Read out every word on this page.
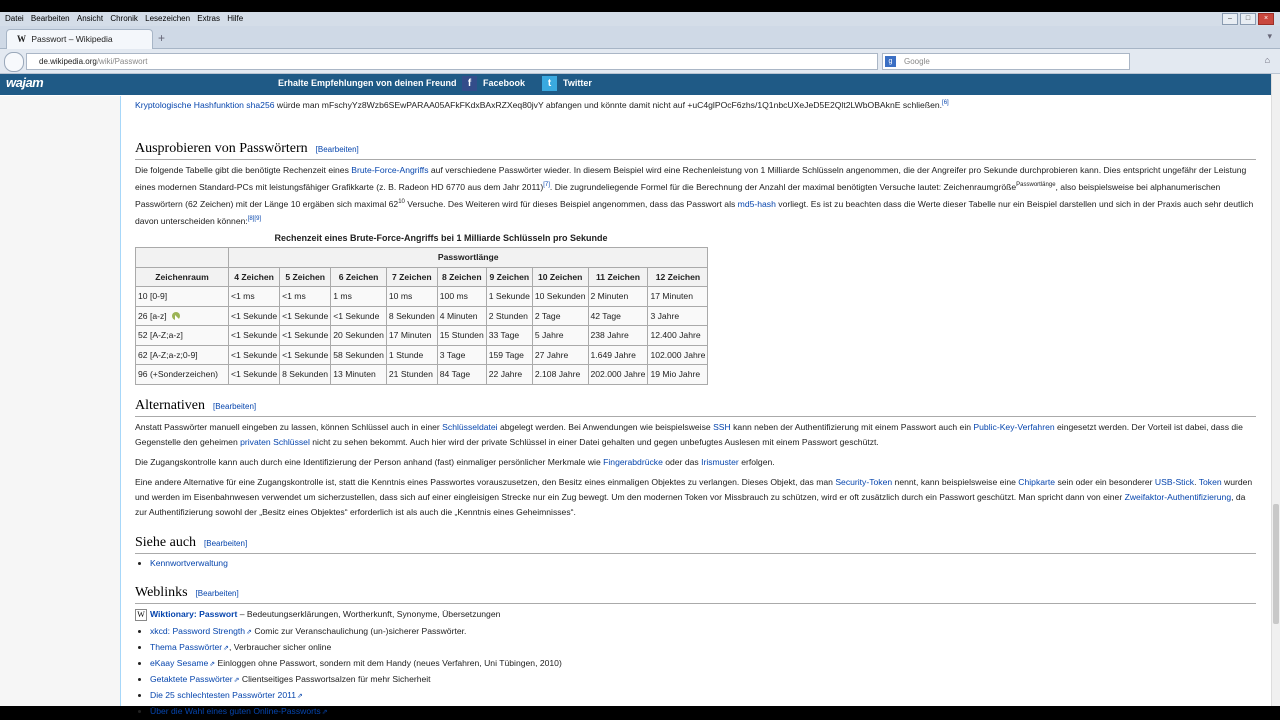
Datei Bearbeiten Ansicht Chronik Lesezeichen Extras Hilfe	–	□	×
W Passwort – Wikipedia	+	▾
de.wikipedia.org/wiki/Passwort	g Google	⌂
wajam	Erhalte Empfehlungen von deinen Freund	f Facebook	t Twitter

Kryptologische Hashfunktion sha256 würde man mFschyYz8Wzb6SEwPARAA05AFkFKdxBAxRZXeq80jvY abfangen und könnte damit nicht auf +uC4glPOcF6zhs/1Q1nbcUXeJeD5E2Qlt2LWbOBAknE schließen.[6]

Ausprobieren von Passwörtern [Bearbeiten]

Die folgende Tabelle gibt die benötigte Rechenzeit eines Brute-Force-Angriffs auf verschiedene Passwörter wieder. In diesem Beispiel wird eine Rechenleistung von 1 Milliarde Schlüsseln angenommen, die der Angreifer pro Sekunde durchprobieren kann. Dies entspricht ungefähr der Leistung eines modernen Standard-PCs mit leistungsfähiger Grafikkarte (z. B. Radeon HD 6770 aus dem Jahr 2011)[7]. Die zugrundeliegende Formel für die Berechnung der Anzahl der maximal benötigten Versuche lautet: Zeichenraumgröße$^{Passwortlänge}$, also beispielsweise bei alphanumerischen Passwörtern (62 Zeichen) mit der Länge 10 ergäben sich maximal $62^{10}$ Versuche. Des Weiteren wird für dieses Beispiel angenommen, dass das Passwort als md5-hash vorliegt. Es ist zu beachten dass die Werte dieser Tabelle nur ein Beispiel darstellen und sich in der Praxis auch sehr deutlich davon unterscheiden können:[8][9]

Rechenzeit eines Brute-Force-Angriffs bei 1 Milliarde Schlüsseln pro Sekunde

	Passwortlänge								
Zeichenraum	4 Zeichen	5 Zeichen	6 Zeichen	7 Zeichen	8 Zeichen	9 Zeichen	10 Zeichen	11 Zeichen	12 Zeichen
10 [0-9]	<1 ms	<1 ms	1 ms	10 ms	100 ms	1 Sekunde	10 Sekunden	2 Minuten	17 Minuten
26 [a-z]	<1 Sekunde	<1 Sekunde	<1 Sekunde	8 Sekunden	4 Minuten	2 Stunden	2 Tage	42 Tage	3 Jahre
52 [A-Z;a-z]	<1 Sekunde	<1 Sekunde	20 Sekunden	17 Minuten	15 Stunden	33 Tage	5 Jahre	238 Jahre	12.400 Jahre
62 [A-Z;a-z;0-9]	<1 Sekunde	<1 Sekunde	58 Sekunden	1 Stunde	3 Tage	159 Tage	27 Jahre	1.649 Jahre	102.000 Jahre
96 (+Sonderzeichen)	<1 Sekunde	8 Sekunden	13 Minuten	21 Stunden	84 Tage	22 Jahre	2.108 Jahre	202.000 Jahre	19 Mio Jahre
Alternativen [Bearbeiten]

Anstatt Passwörter manuell eingeben zu lassen, können Schlüssel auch in einer Schlüsseldatei abgelegt werden. Bei Anwendungen wie beispielsweise SSH kann neben der Authentifizierung mit einem Passwort auch ein Public-Key-Verfahren eingesetzt werden. Der Vorteil ist dabei, dass die Gegenstelle den geheimen privaten Schlüssel nicht zu sehen bekommt. Auch hier wird der private Schlüssel in einer Datei gehalten und gegen unbefugtes Auslesen mit einem Passwort geschützt.

Die Zugangskontrolle kann auch durch eine Identifizierung der Person anhand (fast) einmaliger persönlicher Merkmale wie Fingerabdrücke oder das Irismuster erfolgen.

Eine andere Alternative für eine Zugangskontrolle ist, statt die Kenntnis eines Passwortes vorauszusetzen, den Besitz eines einmaligen Objektes zu verlangen. Dieses Objekt, das man Security-Token nennt, kann beispielsweise eine Chipkarte sein oder ein besonderer USB-Stick. Token wurden und werden im Eisenbahnwesen verwendet um sicherzustellen, dass sich auf einer eingleisigen Strecke nur ein Zug bewegt. Um den modernen Token vor Missbrauch zu schützen, wird er oft zusätzlich durch ein Passwort geschützt. Man spricht dann von einer Zweifaktor-Authentifizierung, da zur Authentifizierung sowohl der „Besitz eines Objektes“ erforderlich ist als auch die „Kenntnis eines Geheimnisses“.

Siehe auch [Bearbeiten]
• Kennwortverwaltung
Weblinks [Bearbeiten]

W Wiktionary: Passwort – Bedeutungserklärungen, Wortherkunft, Synonyme, Übersetzungen

• xkcd: Password Strength ⇗ Comic zur Veranschaulichung (un-)sicherer Passwörter.
• Thema Passwörter ⇗ , Verbraucher sicher online
• eKaay Sesame ⇗ Einloggen ohne Passwort, sondern mit dem Handy (neues Verfahren, Uni Tübingen, 2010)
• Getaktete Passwörter ⇗ Clientseitiges Passwortsalzen für mehr Sicherheit
• Die 25 schlechtesten Passwörter 2011 ⇗
• Über die Wahl eines guten Online-Passworts ⇗
